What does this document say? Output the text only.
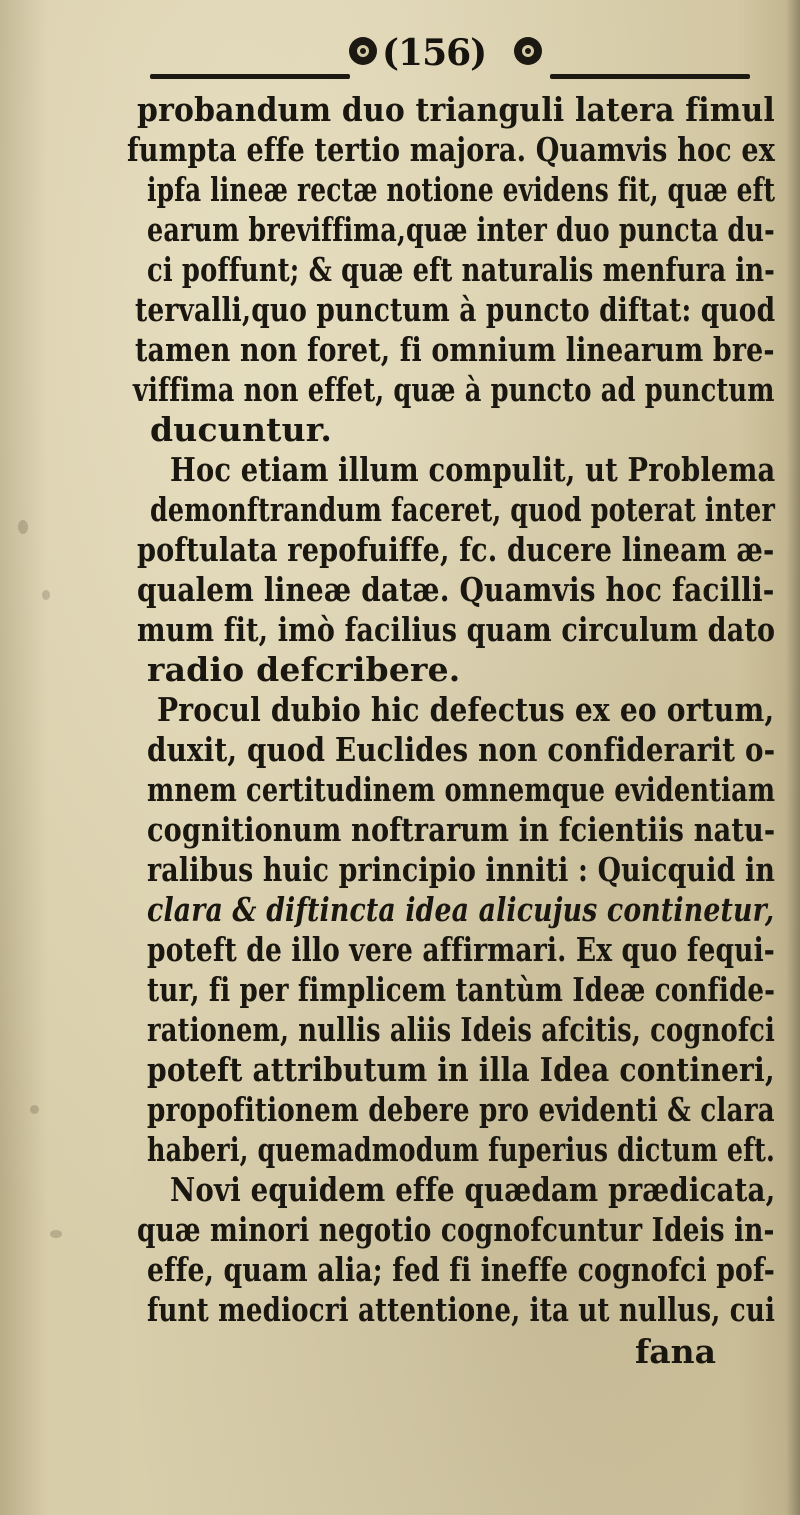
(156)
probandum duo trianguli latera fimul
fumpta effe tertio majora. Quamvis hoc ex
ipfa lineæ rectæ notione evidens fit, quæ eft
earum breviffima,quæ inter duo puncta du-
ci poffunt; & quæ eft naturalis menfura in-
tervalli,quo punctum à puncto diftat: quod
tamen non foret, fi omnium linearum bre-
viffima non effet, quæ à puncto ad punctum
ducuntur.
Hoc etiam illum compulit, ut Problema
demonftrandum faceret, quod poterat inter
poftulata repofuiffe, fc. ducere lineam æ-
qualem lineæ datæ. Quamvis hoc facilli-
mum fit, imò facilius quam circulum dato
radio defcribere.
Procul dubio hic defectus ex eo ortum,
duxit, quod Euclides non confiderarit o-
mnem certitudinem omnemque evidentiam
cognitionum noftrarum in fcientiis natu-
ralibus huic principio inniti : Quicquid in
clara & diftincta idea alicujus continetur,
poteft de illo vere affirmari. Ex quo fequi-
tur, fi per fimplicem tantùm Ideæ confide-
rationem, nullis aliis Ideis afcitis, cognofci
poteft attributum in illa Idea contineri,
propofitionem debere pro evidenti & clara
haberi, quemadmodum fuperius dictum eft.
Novi equidem effe quædam prædicata,
quæ minori negotio cognofcuntur Ideis in-
effe, quam alia; fed fi ineffe cognofci pof-
funt mediocri attentione, ita ut nullus, cui
fana
